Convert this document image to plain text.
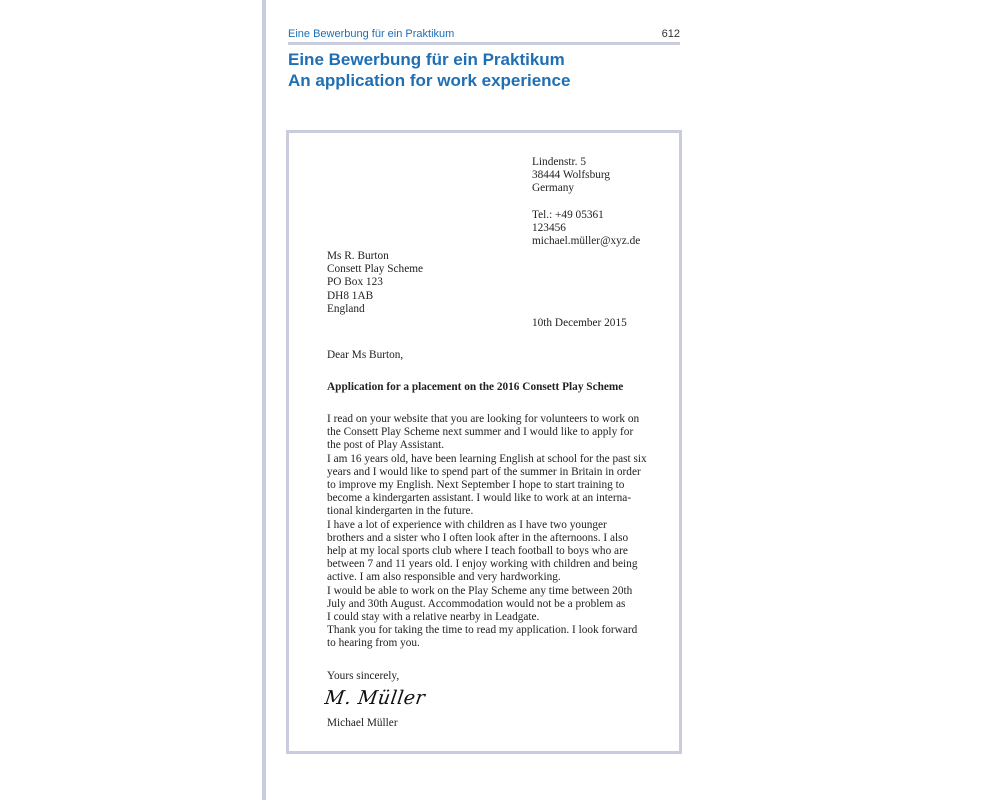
Eine Bewerbung für ein Praktikum	612
Eine Bewerbung für ein Praktikum
An application for work experience
Lindenstr. 5
38444 Wolfsburg
Germany
Tel.: +49 05361
123456
michael.müller@xyz.de
Ms R. Burton
Consett Play Scheme
PO Box 123
DH8 1AB
England
10th December 2015
Dear Ms Burton,
Application for a placement on the 2016 Consett Play Scheme
I read on your website that you are looking for volunteers to work on
the Consett Play Scheme next summer and I would like to apply for
the post of Play Assistant.
I am 16 years old, have been learning English at school for the past six
years and I would like to spend part of the summer in Britain in order
to improve my English. Next September I hope to start training to
become a kindergarten assistant. I would like to work at an interna-
tional kindergarten in the future.
I have a lot of experience with children as I have two younger
brothers and a sister who I often look after in the afternoons. I also
help at my local sports club where I teach football to boys who are
between 7 and 11 years old. I enjoy working with children and being
active. I am also responsible and very hardworking.
I would be able to work on the Play Scheme any time between 20th
July and 30th August. Accommodation would not be a problem as
I could stay with a relative nearby in Leadgate.
Thank you for taking the time to read my application. I look forward
to hearing from you.
Yours sincerely,
M. Müller
Michael Müller
